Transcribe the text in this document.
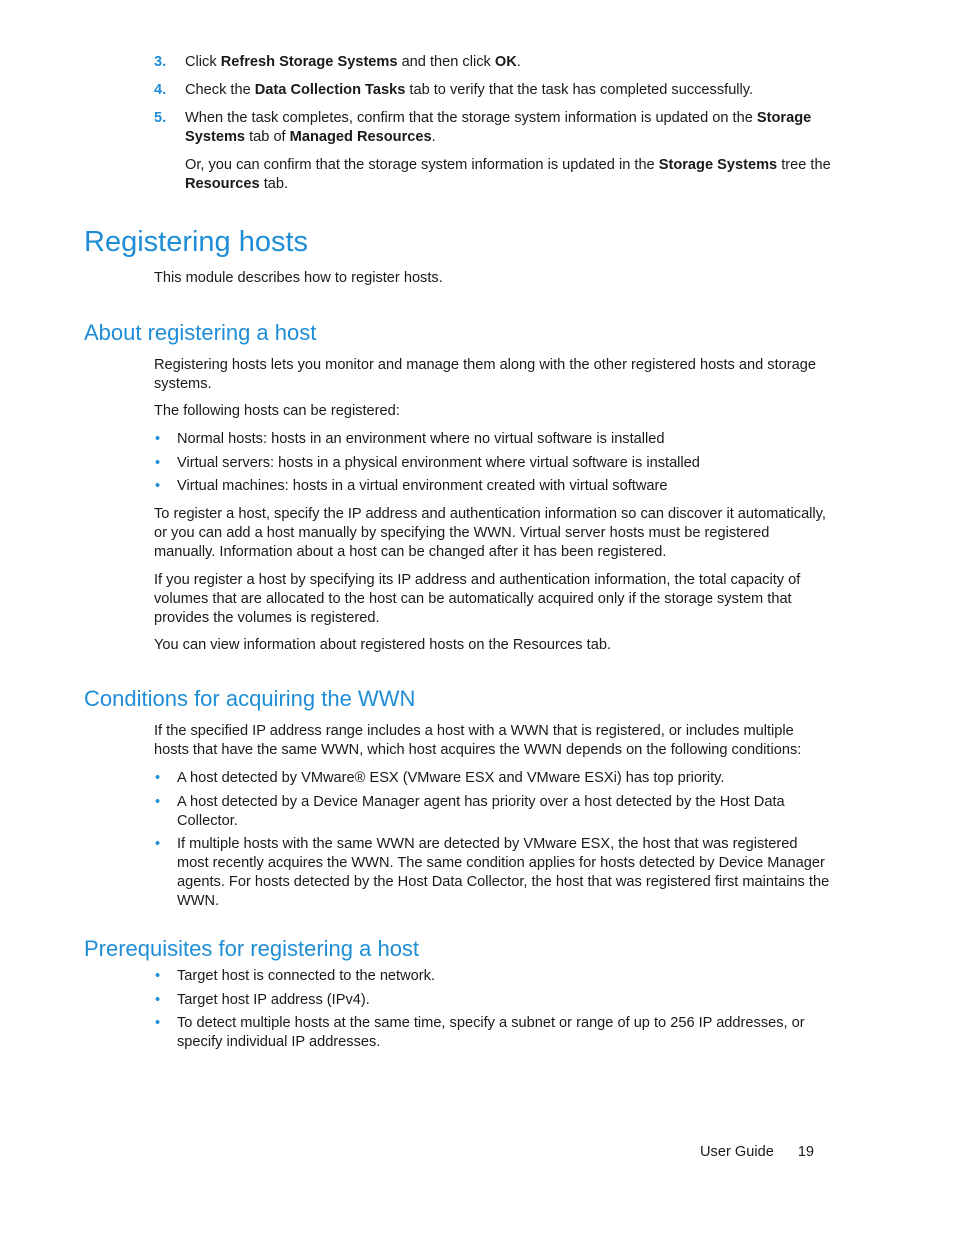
3. Click Refresh Storage Systems and then click OK.

4. Check the Data Collection Tasks tab to verify that the task has completed successfully.

5. When the task completes, confirm that the storage system information is updated on the Storage Systems tab of Managed Resources.

Or, you can confirm that the storage system information is updated in the Storage Systems tree the Resources tab.

Registering hosts

This module describes how to register hosts.

About registering a host

Registering hosts lets you monitor and manage them along with the other registered hosts and storage systems.

The following hosts can be registered:

• Normal hosts: hosts in an environment where no virtual software is installed
• Virtual servers: hosts in a physical environment where virtual software is installed
• Virtual machines: hosts in a virtual environment created with virtual software

To register a host, specify the IP address and authentication information so can discover it automatically, or you can add a host manually by specifying the WWN. Virtual server hosts must be registered manually. Information about a host can be changed after it has been registered.

If you register a host by specifying its IP address and authentication information, the total capacity of volumes that are allocated to the host can be automatically acquired only if the storage system that provides the volumes is registered.

You can view information about registered hosts on the Resources tab.

Conditions for acquiring the WWN

If the specified IP address range includes a host with a WWN that is registered, or includes multiple hosts that have the same WWN, which host acquires the WWN depends on the following conditions:

• A host detected by VMware® ESX (VMware ESX and VMware ESXi) has top priority.
• A host detected by a Device Manager agent has priority over a host detected by the Host Data Collector.
• If multiple hosts with the same WWN are detected by VMware ESX, the host that was registered most recently acquires the WWN. The same condition applies for hosts detected by Device Manager agents. For hosts detected by the Host Data Collector, the host that was registered first maintains the WWN.
Prerequisites for registering a host
• Target host is connected to the network.
• Target host IP address (IPv4).
• To detect multiple hosts at the same time, specify a subnet or range of up to 256 IP addresses, or specify individual IP addresses.
User Guide 19
